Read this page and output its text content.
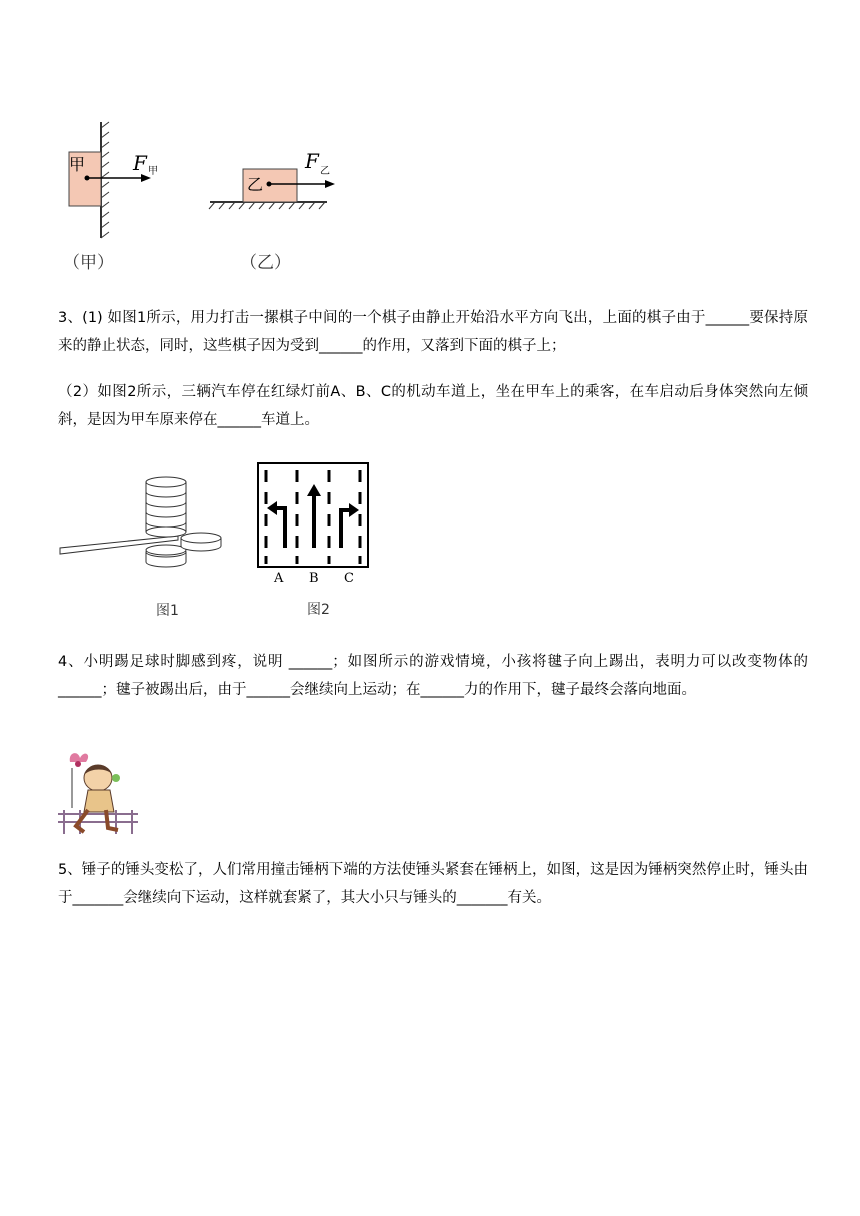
甲 F 甲
乙
F 乙
（甲）	（乙）

3、(1) 如图1所示，用力打击一摞棋子中间的一个棋子由静止开始沿水平方向飞出，上面的棋子由于______要保持原来的静止状态，同时，这些棋子因为受到______的作用，又落到下面的棋子上；

（2）如图2所示，三辆汽车停在红绿灯前A、B、C的机动车道上，坐在甲车上的乘客，在车启动后身体突然向左倾斜，是因为甲车原来停在______车道上。

图1
A B C
图2

4、小明踢足球时脚感到疼，说明 ______；如图所示的游戏情境，小孩将毽子向上踢出，表明力可以改变物体的______；毽子被踢出后，由于______会继续向上运动；在______力的作用下，毽子最终会落向地面。

5、锤子的锤头变松了，人们常用撞击锤柄下端的方法使锤头紧套在锤柄上，如图，这是因为锤柄突然停止时，锤头由于_______会继续向下运动，这样就套紧了，其大小只与锤头的_______有关。
